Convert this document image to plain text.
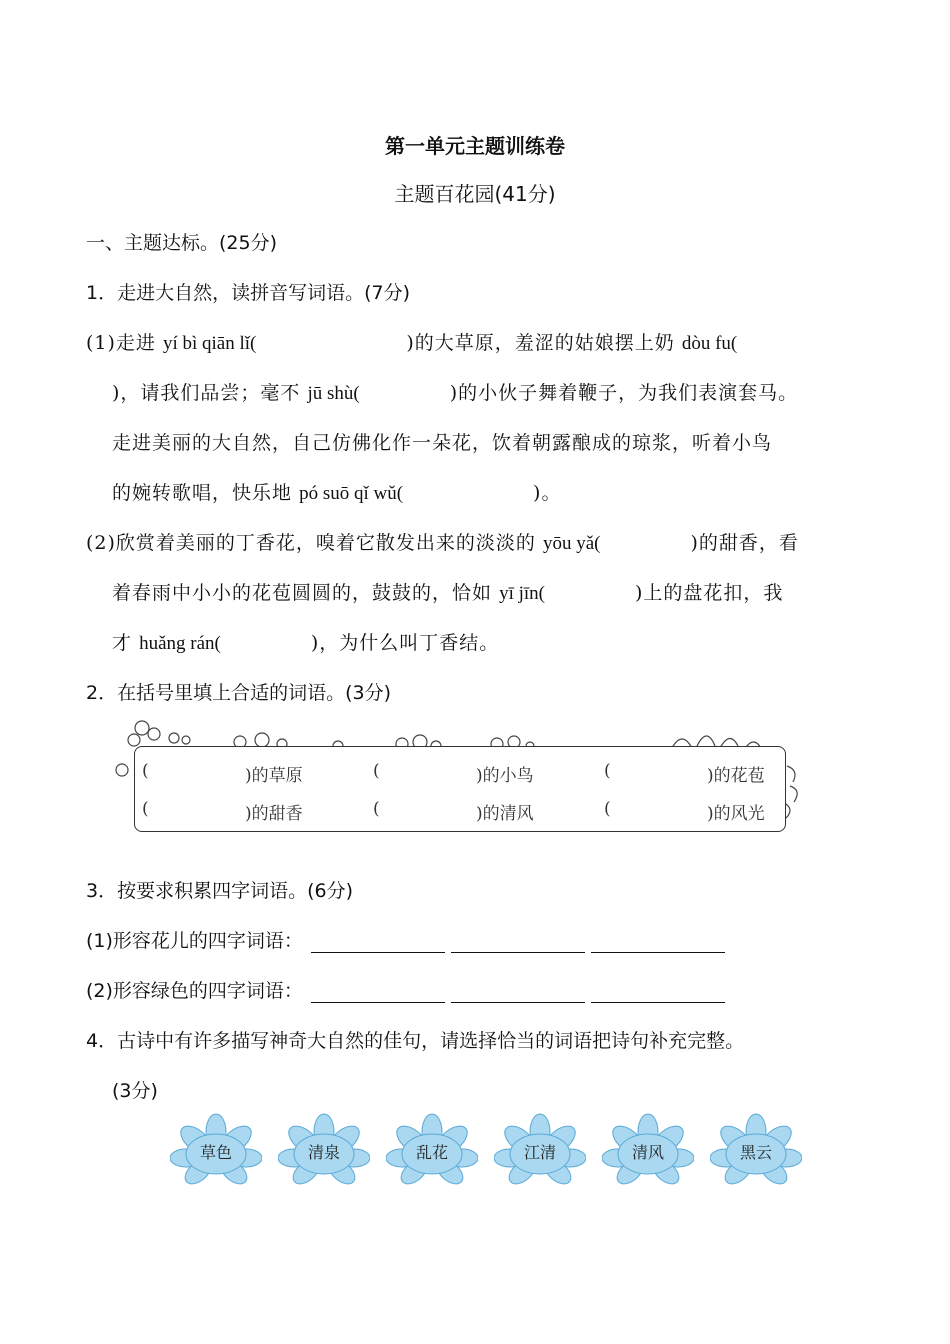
第一单元主题训练卷
主题百花园(41分)
一、主题达标。(25分)
1．走进大自然，读拼音写词语。(7分)
(1)走进 yí bì qiān lǐ(	)的大草原，羞涩的姑娘摆上奶 dòu fu(
)，请我们品尝；毫不 jū shù(	)的小伙子舞着鞭子，为我们表演套马。
走进美丽的大自然，自己仿佛化作一朵花，饮着朝露酿成的琼浆，听着小鸟
的婉转歌唱，快乐地 pó suō qǐ wǔ(	)。
(2)欣赏着美丽的丁香花，嗅着它散发出来的淡淡的 yōu yǎ(	)的甜香，看
着春雨中小小的花苞圆圆的，鼓鼓的，恰如 yī jīn(	)上的盘花扣，我
才 huǎng rán(	)，为什么叫丁香结。
2．在括号里填上合适的词语。(3分)
(	)的草原	(	)的小鸟	(	)的花苞
(	)的甜香	(	)的清风	(	)的风光
3．按要求积累四字词语。(6分)
(1)形容花儿的四字词语：
(2)形容绿色的四字词语：
4．古诗中有许多描写神奇大自然的佳句，请选择恰当的词语把诗句补充完整。
(3分)
草色	清泉	乱花	江清	清风	黑云
